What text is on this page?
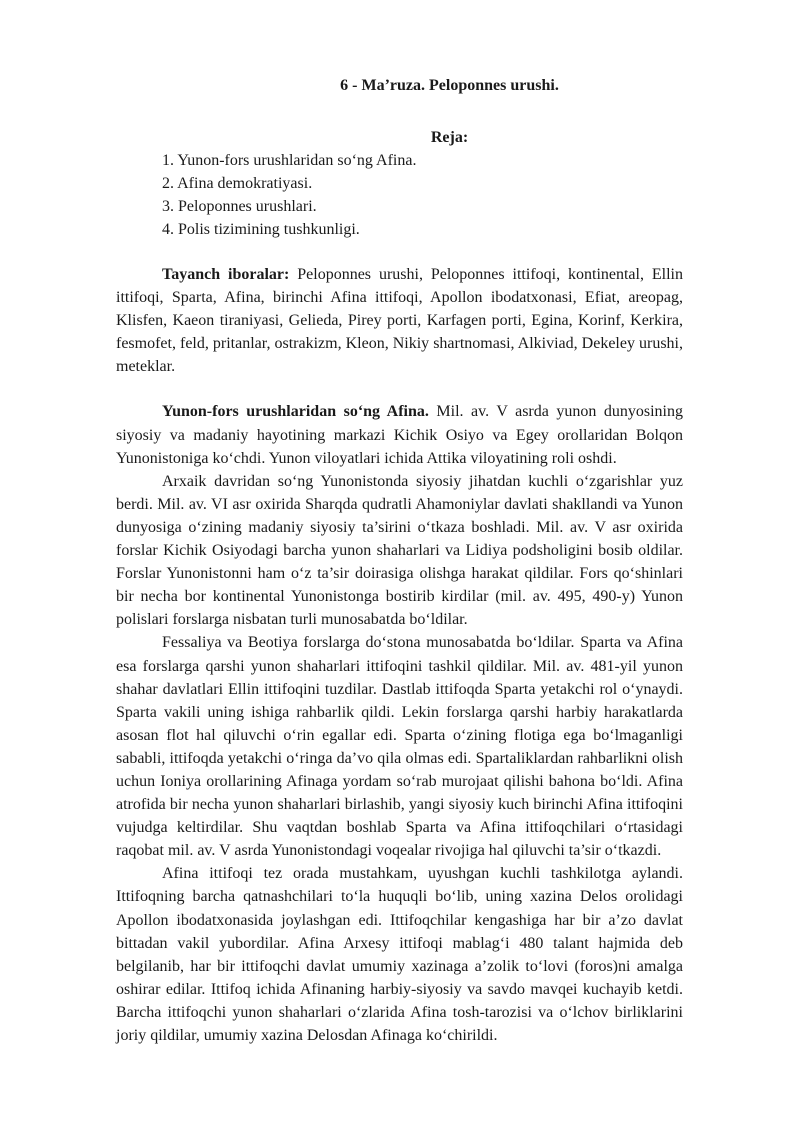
6 - Ma’ruza. Peloponnes urushi.
Reja:
1. Yunon-fors urushlaridan so‘ng Afina.
2. Afina demokratiyasi.
3. Peloponnes urushlari.
4. Polis tizimining tushkunligi.

Tayanch iboralar: Peloponnes urushi, Peloponnes ittifoqi, kontinental, Ellin ittifoqi, Sparta, Afina, birinchi Afina ittifoqi, Apollon ibodatxonasi, Efiat, areopag, Klisfen, Kaeon tiraniyasi, Gelieda, Pirey porti, Karfagen porti, Egina, Korinf, Kerkira, fesmofet, feld, pritanlar, ostrakizm, Kleon, Nikiy shartnomasi, Alkiviad, Dekeley urushi, meteklar.

Yunon-fors urushlaridan so‘ng Afina. Mil. av. V asrda yunon dunyosining siyosiy va madaniy hayotining markazi Kichik Osiyo va Egey orollaridan Bolqon Yunonistoniga ko‘chdi. Yunon viloyatlari ichida Attika viloyatining roli oshdi.

Arxaik davridan so‘ng Yunonistonda siyosiy jihatdan kuchli o‘zgarishlar yuz berdi. Mil. av. VI asr oxirida Sharqda qudratli Ahamoniylar davlati shakllandi va Yunon dunyosiga o‘zining madaniy siyosiy ta’sirini o‘tkaza boshladi. Mil. av. V asr oxirida forslar Kichik Osiyodagi barcha yunon shaharlari va Lidiya podsholigini bosib oldilar. Forslar Yunonistonni ham o‘z ta’sir doirasiga olishga harakat qildilar. Fors qo‘shinlari bir necha bor kontinental Yunonistonga bostirib kirdilar (mil. av. 495, 490-y) Yunon polislari forslarga nisbatan turli munosabatda bo‘ldilar.

Fessaliya va Beotiya forslarga do‘stona munosabatda bo‘ldilar. Sparta va Afina esa forslarga qarshi yunon shaharlari ittifoqini tashkil qildilar. Mil. av. 481-yil yunon shahar davlatlari Ellin ittifoqini tuzdilar. Dastlab ittifoqda Sparta yetakchi rol o‘ynaydi. Sparta vakili uning ishiga rahbarlik qildi. Lekin forslarga qarshi harbiy harakatlarda asosan flot hal qiluvchi o‘rin egallar edi. Sparta o‘zining flotiga ega bo‘lmaganligi sababli, ittifoqda yetakchi o‘ringa da’vo qila olmas edi. Spartaliklardan rahbarlikni olish uchun Ioniya orollarining Afinaga yordam so‘rab murojaat qilishi bahona bo‘ldi. Afina atrofida bir necha yunon shaharlari birlashib, yangi siyosiy kuch birinchi Afina ittifoqini vujudga keltirdilar. Shu vaqtdan boshlab Sparta va Afina ittifoqchilari o‘rtasidagi raqobat mil. av. V asrda Yunonistondagi voqealar rivojiga hal qiluvchi ta’sir o‘tkazdi.

Afina ittifoqi tez orada mustahkam, uyushgan kuchli tashkilotga aylandi. Ittifoqning barcha qatnashchilari to‘la huquqli bo‘lib, uning xazina Delos orolidagi Apollon ibodatxonasida joylashgan edi. Ittifoqchilar kengashiga har bir a’zo davlat bittadan vakil yubordilar. Afina Arxesy ittifoqi mablag‘i 480 talant hajmida deb belgilanib, har bir ittifoqchi davlat umumiy xazinaga a’zolik to‘lovi (foros)ni amalga oshirar edilar. Ittifoq ichida Afinaning harbiy-siyosiy va savdo mavqei kuchayib ketdi. Barcha ittifoqchi yunon shaharlari o‘zlarida Afina tosh-tarozisi va o‘lchov birliklarini joriy qildilar, umumiy xazina Delosdan Afinaga ko‘chirildi.
